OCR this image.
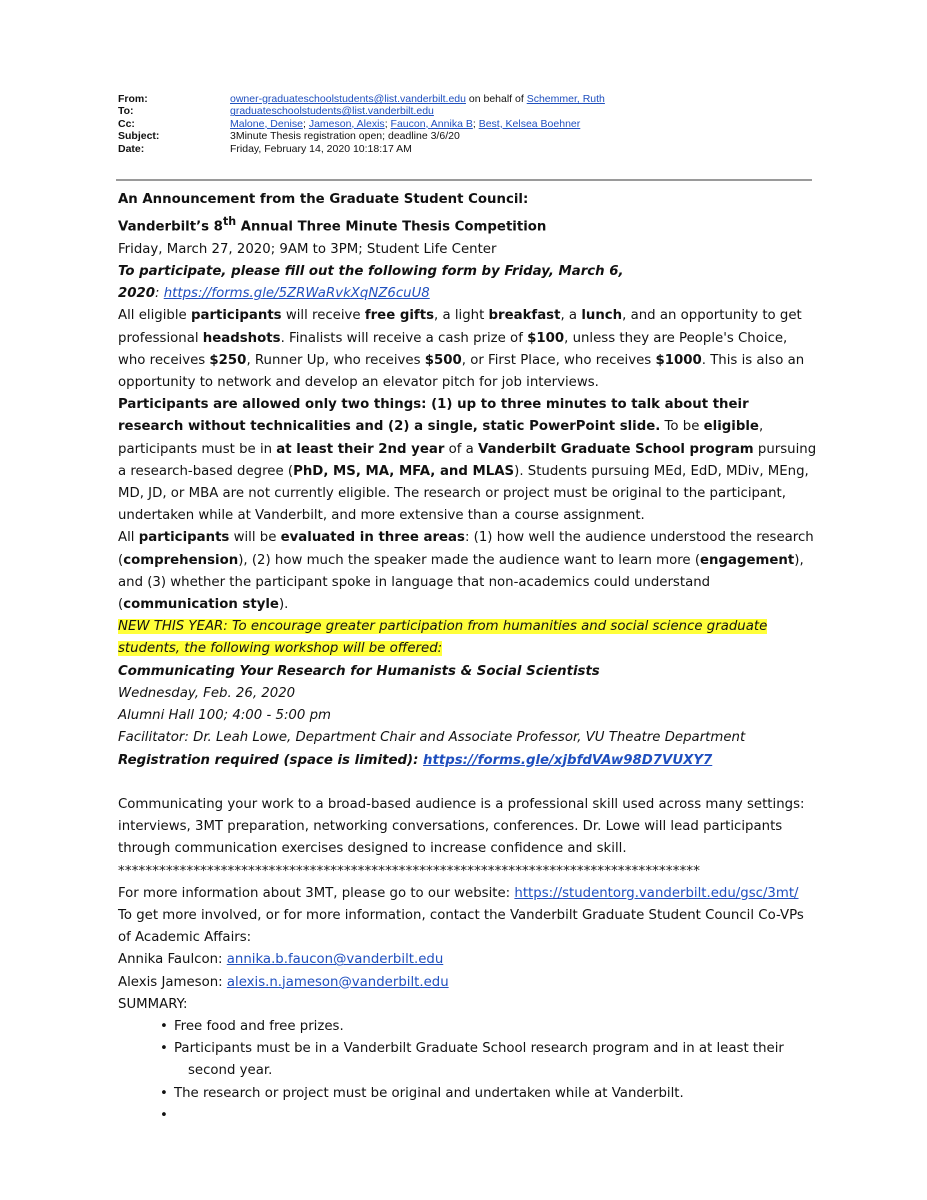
From:	owner-graduateschoolstudents@list.vanderbilt.edu on behalf of Schemmer, Ruth
To:	graduateschoolstudents@list.vanderbilt.edu
Cc:	Malone, Denise; Jameson, Alexis; Faucon, Annika B; Best, Kelsea Boehner
Subject:	3Minute Thesis registration open; deadline 3/6/20
Date:	Friday, February 14, 2020 10:18:17 AM

An Announcement from the Graduate Student Council:

Vanderbilt’s 8th Annual Three Minute Thesis Competition

Friday, March 27, 2020; 9AM to 3PM; Student Life Center

To participate, please fill out the following form by Friday, March 6,

2020: https://forms.gle/5ZRWaRvkXqNZ6cuU8

All eligible participants will receive free gifts, a light breakfast, a lunch, and an opportunity to get professional headshots. Finalists will receive a cash prize of $100, unless they are People's Choice, who receives $250, Runner Up, who receives $500, or First Place, who receives $1000. This is also an opportunity to network and develop an elevator pitch for job interviews.

Participants are allowed only two things: (1) up to three minutes to talk about their research without technicalities and (2) a single, static PowerPoint slide. To be eligible, participants must be in at least their 2nd year of a Vanderbilt Graduate School program pursuing a research-based degree (PhD, MS, MA, MFA, and MLAS). Students pursuing MEd, EdD, MDiv, MEng, MD, JD, or MBA are not currently eligible. The research or project must be original to the participant, undertaken while at Vanderbilt, and more extensive than a course assignment.

All participants will be evaluated in three areas: (1) how well the audience understood the research (comprehension), (2) how much the speaker made the audience want to learn more (engagement), and (3) whether the participant spoke in language that non-academics could understand (communication style).

NEW THIS YEAR: To encourage greater participation from humanities and social science graduate students, the following workshop will be offered:

Communicating Your Research for Humanists & Social Scientists

Wednesday, Feb. 26, 2020

Alumni Hall 100; 4:00 - 5:00 pm

Facilitator: Dr. Leah Lowe, Department Chair and Associate Professor, VU Theatre Department

Registration required (space is limited): https://forms.gle/xjbfdVAw98D7VUXY7

Communicating your work to a broad-based audience is a professional skill used across many settings: interviews, 3MT preparation, networking conversations, conferences. Dr. Lowe will lead participants through communication exercises designed to increase confidence and skill.

*************************************************************************************

For more information about 3MT, please go to our website: https://studentorg.vanderbilt.edu/gsc/3mt/

To get more involved, or for more information, contact the Vanderbilt Graduate Student Council Co-VPs of Academic Affairs:

Annika Faulcon: annika.b.faucon@vanderbilt.edu

Alexis Jameson: alexis.n.jameson@vanderbilt.edu

SUMMARY:

• Free food and free prizes.
• Participants must be in a Vanderbilt Graduate School research program and in at least their
second year.
• The research or project must be original and undertaken while at Vanderbilt.
